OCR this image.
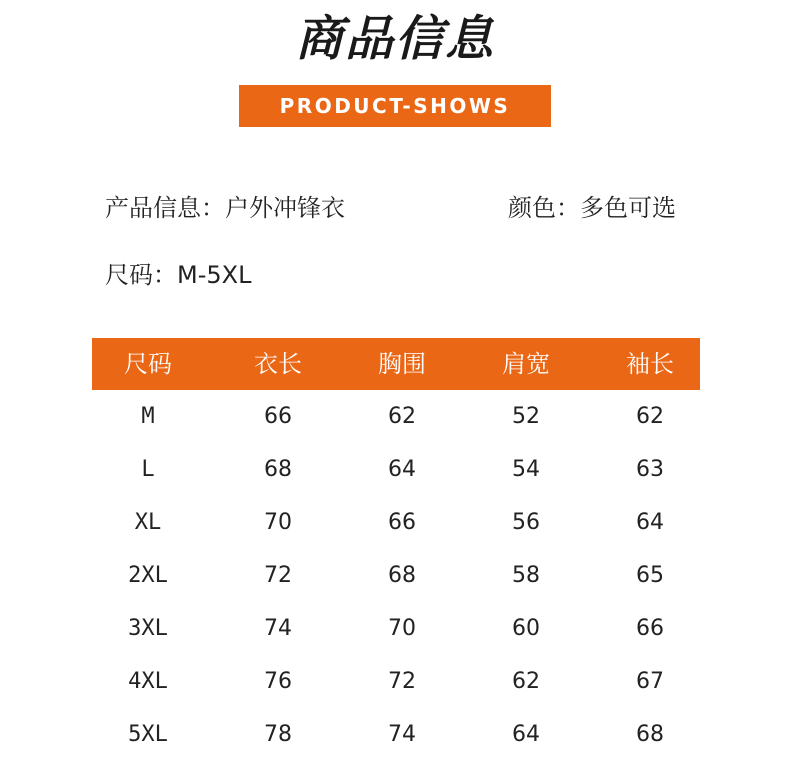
商品信息
PRODUCT-SHOWS
产品信息：户外冲锋衣	颜色：多色可选
尺码：M-5XL
尺码	衣长	胸围	肩宽	袖长
M	66	62	52	62
L	68	64	54	63
XL	70	66	56	64
2XL	72	68	58	65
3XL	74	70	60	66
4XL	76	72	62	67
5XL	78	74	64	68
